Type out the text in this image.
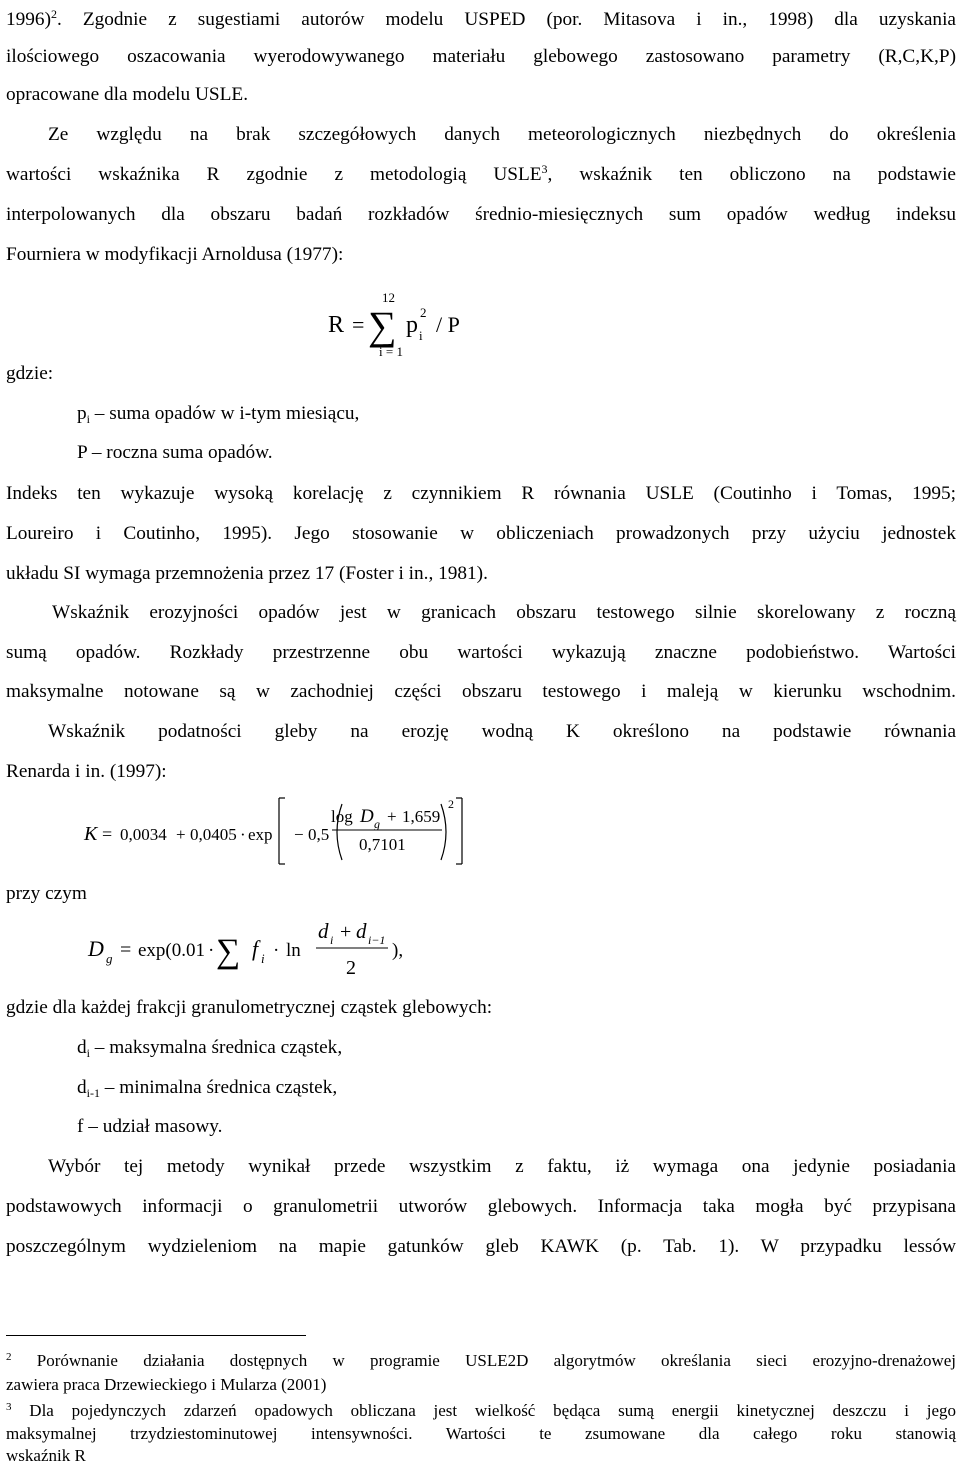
1996)$^2$. Zgodnie z sugestiami autorów modelu USPED (por. Mitasova i in., 1998) dla uzyskania
ilościowego oszacowania wyerodowywanego materiału glebowego zastosowano parametry (R,C,K,P)
opracowane dla modelu USLE.
Ze względu na brak szczegółowych danych meteorologicznych niezbędnych do określenia
wartości wskaźnika R zgodnie z metodologią USLE$^3$, wskaźnik ten obliczono na podstawie
interpolowanych dla obszaru badań rozkładów średnio-miesięcznych sum opadów według indeksu
Fourniera w modyfikacji Arnoldusa (1977):
R =
12
∑
i = 1
p i
2 / P
gdzie:
$p_i$ – suma opadów w i-tym miesiącu,
P – roczna suma opadów.
Indeks ten wykazuje wysoką korelację z czynnikiem R równania USLE (Coutinho i Tomas, 1995;
Loureiro i Coutinho, 1995). Jego stosowanie w obliczeniach prowadzonych przy użyciu jednostek
układu SI wymaga przemnożenia przez 17 (Foster i in., 1981).
Wskaźnik erozyjności opadów jest w granicach obszaru testowego silnie skorelowany z roczną
sumą opadów. Rozkłady przestrzenne obu wartości wykazują znaczne podobieństwo. Wartości
maksymalne notowane są w zachodniej części obszaru testowego i maleją w kierunku wschodnim.
Wskaźnik podatności gleby na erozję wodną K określono na podstawie równania
Renarda i in. (1997):
K = 0,0034 + 0,0405 · exp − 0,5
log D g + 1,659
0,7101
2
przy czym
D g = exp(0.01 · ∑ f i · ln
d i + d i−1
2
),
gdzie dla każdej frakcji granulometrycznej cząstek glebowych:
$d_i$ – maksymalna średnica cząstek,
$d_{i-1}$ – minimalna średnica cząstek,
f – udział masowy.
Wybór tej metody wynikał przede wszystkim z faktu, iż wymaga ona jedynie posiadania
podstawowych informacji o granulometrii utworów glebowych. Informacja taka mogła być przypisana
poszczególnym wydzieleniom na mapie gatunków gleb KAWK (p. Tab. 1). W przypadku lessów
$^2$ Porównanie działania dostępnych w programie USLE2D algorytmów określania sieci erozyjno-drenażowej
zawiera praca Drzewieckiego i Mularza (2001)
$^3$ Dla pojedynczych zdarzeń opadowych obliczana jest wielkość będąca sumą energii kinetycznej deszczu i jego
maksymalnej trzydziestominutowej intensywności. Wartości te zsumowane dla całego roku stanowią
wskaźnik R
